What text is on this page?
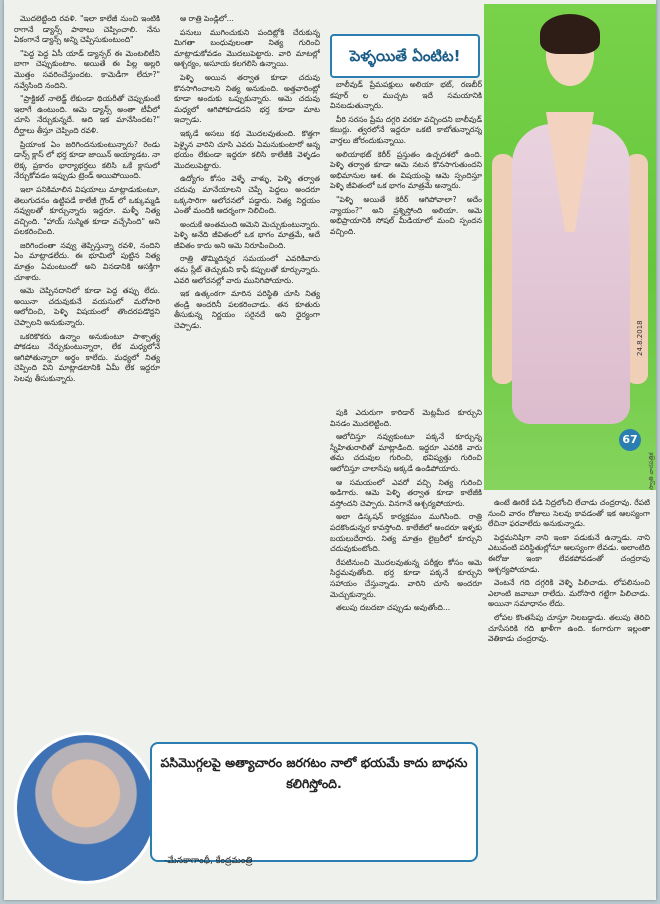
మొదలెట్టింది రవళి. "ఇలా కాలేజీ నుంచి ఇంటికి రాగానే డ్యాన్స్ పాఠాలు చెప్పించాలి. నేను ఏకంగానే డ్యాన్స్ అన్ని చెప్పేసుకుంటుంది"

"పెద్ద పెద్ద ఏసీ యాడ్ డ్యాన్సర్ ఈ మెంటలిటీని బాగా చెప్పుకుంటాం. అయితే ఈ పిల్ల అల్లరి మొత్తం సవరించేస్తుందట. కామెడీగా లేదూ?" నవ్వేసింది నందిని.

"ప్రాక్టికల్ నాలెడ్జ్ లేకుండా థియరీతో చెప్పుకుంటే ఇలాగే ఉంటుంది. ఆమె డ్యాన్స్ అంతా టీవీలో చూసి నేర్చుకున్నదే. అది ఇక మానేసిందట?" దీర్ఘాలు తీస్తూ చెప్పింది రవళి.

ప్రియాంక ఏం జరిగిందనుకుంటున్నారు? రెండు డాన్స్ క్లాస్ లో భర్త కూడా జాయిన్ అయ్యాడట. నా లెక్క ప్రకారం భార్యాభర్తలు కలిసి ఒకే క్లాసులో నేర్చుకోవడం ఇప్పుడు ట్రెండ్ అయిపోయింది.

ఇలా పనికిమాలిన విషయాలు మాట్లాడుకుంటూ, తెలుగుదనం ఉట్టిపడే కాలేజీ గ్రౌండ్ లో ఒక్కుమ్మడి నవ్వులతో కూర్చున్నారు ఇద్దరూ. మళ్ళీ నిత్య వచ్చింది. "హాయ్ సుస్మిత కూడా వచ్చేసింది" అని పలకరించింది.

జరిగిందంతా నవ్వు తెప్పిస్తున్నా రవళి, నందిని ఏం మాట్లాడలేదు. ఈ భూమిలో పుట్టిన నిత్య మాత్రం ఏమంటుందో అని వినడానికి ఆసక్తిగా చూశారు.

ఆమె చెప్పినదానిలో కూడా పెద్ద తప్పు లేదు. అయినా చదువుకునే వయసులో మరోసారి ఆలోచించి, పెళ్ళి విషయంలో తొందరపడొద్దని చెప్పాలని అనుకున్నారు.

ఒకరికొకరు ఉన్నాం అనుకుంటూ పాశ్చాత్య పోకడలు నేర్చుకుంటున్నారా, లేక మధ్యలోనే ఆగిపోతున్నారా అర్థం కాలేదు. మధ్యలో నిత్య చెప్పింది విని మాట్లాడటానికి ఏమీ లేక ఇద్దరూ సెలవు తీసుకున్నారు.

ఆ రాత్రి పెండ్లిలో...

పనులు ముగించుకుని పందిట్లోకి చేరుకున్న మిగతా బంధువులంతా నిత్య గురించి మాట్లాడుకోవడం మొదలుపెట్టారు. వారి మాటల్లో ఆశ్చర్యం, అసూయ కలగలిసి ఉన్నాయి.

పెళ్ళి అయిన తర్వాత కూడా చదువు కొనసాగించాలని నిత్య అనుకుంది. అత్తవారింట్లో కూడా అందుకు ఒప్పుకున్నారు. ఆమె చదువు మధ్యలో ఆగిపోకూడదని భర్త కూడా మాట ఇచ్చాడు.

ఇక్కడే అసలు కథ మొదలవుతుంది. కొత్తగా పెళ్ళైన వారిని చూసి ఎవరు ఏమనుకుంటారో అన్న భయం లేకుండా ఇద్దరూ కలిసి కాలేజీకి వెళ్ళడం మొదలుపెట్టారు.

ఉద్యోగం కోసం వెళ్ళే వాళ్ళు, పెళ్ళి తర్వాత చదువు మానేయాలని చెప్పే పెద్దలు అందరూ ఒక్కసారిగా ఆలోచనలో పడ్డారు. నిత్య నిర్ణయం ఎంతో మందికి ఆదర్శంగా నిలిచింది.

అందుకే అంతమంది ఆమెని మెచ్చుకుంటున్నారు. పెళ్ళి అనేది జీవితంలో ఒక భాగం మాత్రమే, అదే జీవితం కాదు అని ఆమె నిరూపించింది.

రాత్రి తొమ్మిదిన్నర సమయంలో ఎవరికివారు తమ స్లీట్ తెచ్చుకుని కాఫీ కప్పులతో కూర్చున్నారు. ఎవరి ఆలోచనల్లో వారు మునిగిపోయారు.

ఇక ఉత్కంఠగా మారిన పరిస్థితి చూసి నిత్య తండ్రి అందరినీ పలకరించాడు. తన కూతురు తీసుకున్న నిర్ణయం సరైనదే అని ధైర్యంగా చెప్పాడు.

పెళ్ళయితే ఏంటిట!

బాలీవుడ్ ప్రేమపక్షులు అలియా భట్, రణబీర్ కపూర్ ల ముచ్చట ఇదే సమయానికి వినబడుతున్నారు.

వీరి సరసం ప్రేమ దగ్గరి వరకూ వచ్చిందని బాలీవుడ్ కబుర్లు. త్వరలోనే ఇద్దరూ ఒకటి కాబోతున్నారన్న వార్తలు జోరందుకున్నాయి.

అలియాభట్ కెరీర్ ప్రస్తుతం ఉచ్ఛదశలో ఉంది. పెళ్ళి తర్వాత కూడా ఆమె నటన కొనసాగుతుందని అభిమానుల ఆశ. ఈ విషయంపై ఆమె స్పందిస్తూ పెళ్ళి జీవితంలో ఒక భాగం మాత్రమే అన్నారు.

"పెళ్ళి అయితే కెరీర్ ఆగిపోవాలా? అదేం న్యాయం?" అని ప్రశ్నిస్తోంది అలియా. ఆమె అభిప్రాయానికి సోషల్ మీడియాలో మంచి స్పందన వచ్చింది.

పుకి ఎదురుగా కారిడార్ మెట్లమీద కూర్చుని వినడం మొదలెట్టింది.

ఆలోచిస్తూ నవ్వుకుంటూ పక్కనే కూర్చున్న స్నేహితురాలితో మాట్లాడింది. ఇద్దరూ ఎవరికి వారు తమ చదువుల గురించి, భవిష్యత్తు గురించి ఆలోచిస్తూ చాలాసేపు అక్కడే ఉండిపోయారు.

ఆ సమయంలో ఎవరో వచ్చి నిత్య గురించి అడిగారు. ఆమె పెళ్ళి తర్వాత కూడా కాలేజీకి వస్తోందని చెప్పారు. వినగానే ఆశ్చర్యపోయారు.

అలా డిస్కషన్ కార్యక్రమం ముగిసింది. రాత్రి పదకొండున్నర కావస్తోంది. కాలేజీలో అందరూ ఇళ్ళకు బయలుదేరారు. నిత్య మాత్రం లైబ్రరీలో కూర్చుని చదువుకుంటోంది.

రేపటినుంచి మొదలవుతున్న పరీక్షల కోసం ఆమె సిద్ధమవుతోంది. భర్త కూడా పక్కనే కూర్చుని సహాయం చేస్తున్నాడు. వారిని చూసి అందరూ మెచ్చుకున్నారు.

తలుపు దబదబా చప్పుడు అవుతోంది...

24.8.2018
67
స్వాతి వారపత్రిక

ఉంటే ఊరికే పడి నిద్రలోంచి లేచాడు చంద్రరావు. రేపటి నుంచి వారం రోజులు సెలవు కావడంతో ఇక ఆలస్యంగా లేచినా ఫరవాలేదు అనుకున్నాడు.

పెద్దమనిషిగా నాని ఇంకా పడుకునే ఉన్నాడు. నాని ఎటువంటి పరిస్థితుల్లోనూ ఆలస్యంగా లేవడు. అలాంటిది ఈరోజు ఇంకా లేవకపోవడంతో చంద్రరావు ఆశ్చర్యపోయాడు.

వెంటనే గది దగ్గరికి వెళ్ళి పిలిచాడు. లోపలినుంచి ఎలాంటి జవాబూ రాలేదు. మరోసారి గట్టిగా పిలిచాడు. అయినా సమాధానం లేదు.

లోపల కొంతసేపు చూస్తూ నిలబడ్డాడు. తలుపు తెరిచి చూసేసరికి గది ఖాళీగా ఉంది. కంగారుగా ఇల్లంతా వెతికాడు చంద్రరావు.

పసిమొగ్గలపై అత్యాచారం జరగటం నాలో భయమే కాదు బాధను కలిగిస్తోంది.
-మేనకాగాంధీ, కేంద్రమంత్రి
